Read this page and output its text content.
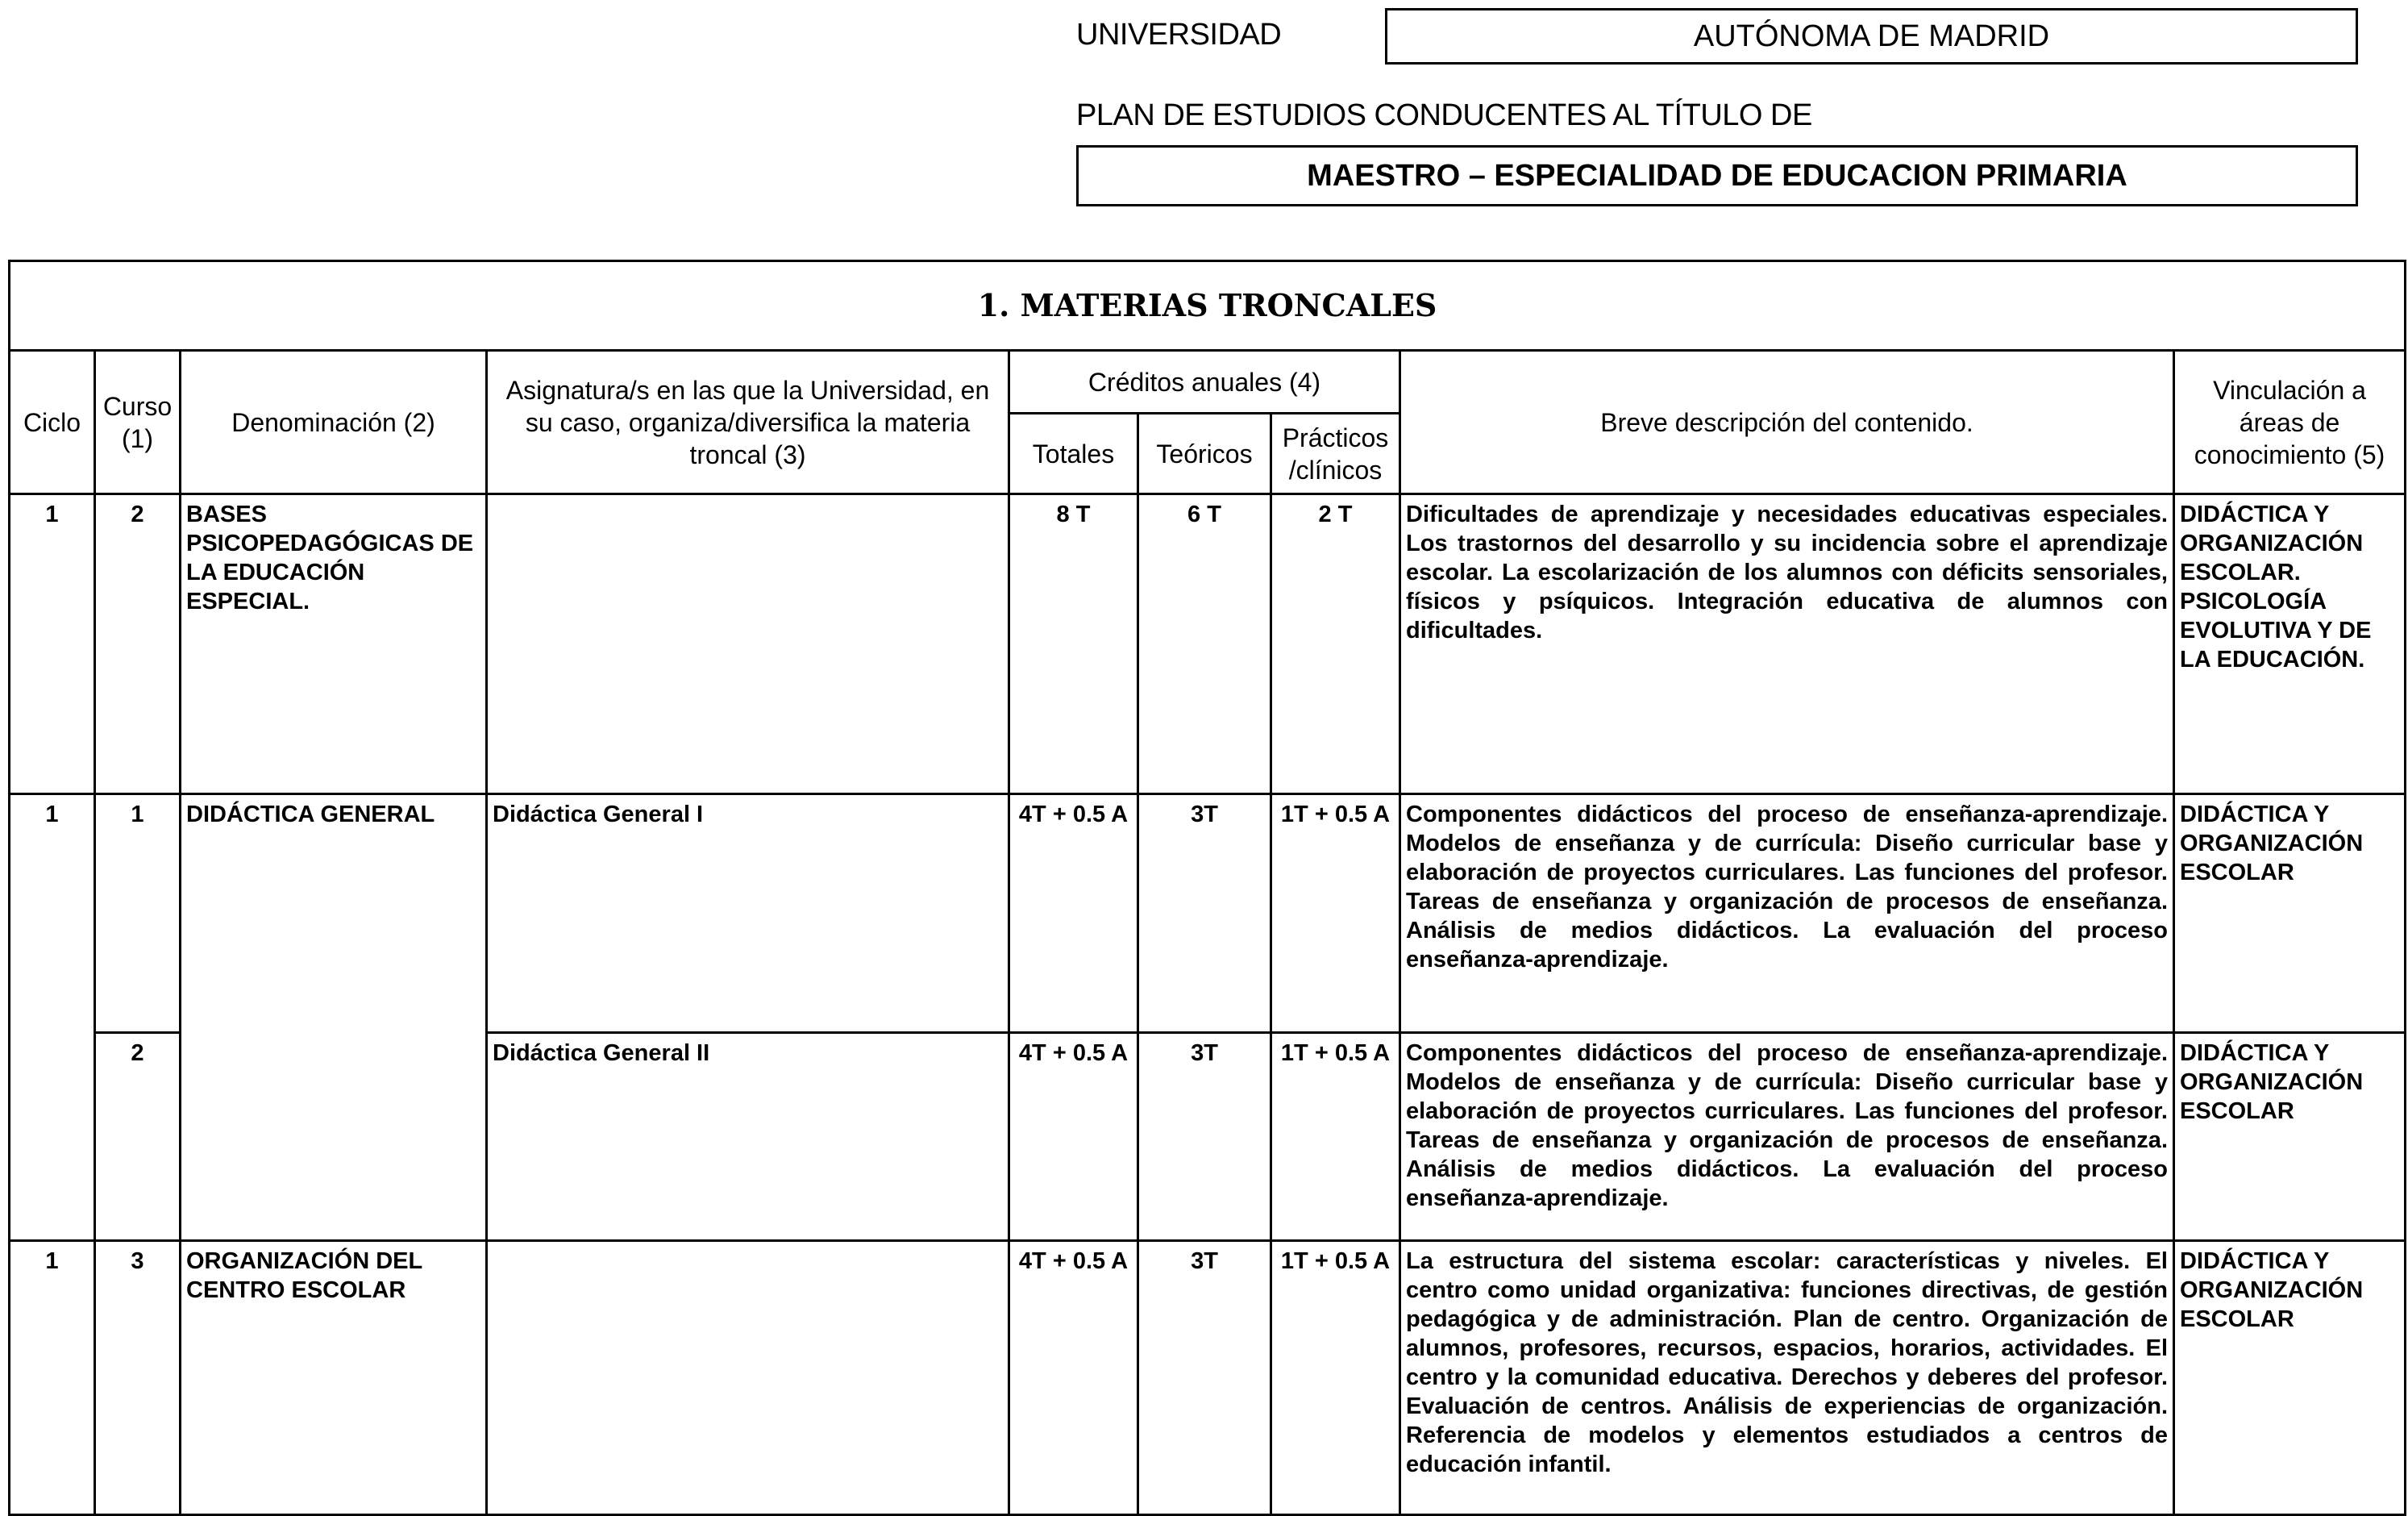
UNIVERSIDAD	AUTÓNOMA DE MADRID
PLAN DE ESTUDIOS CONDUCENTES AL TÍTULO DE
MAESTRO – ESPECIALIDAD DE EDUCACION PRIMARIA
1. MATERIAS TRONCALES								
Ciclo	Curso (1)	Denominación (2)	Asignatura/s en las que la Universidad, en su caso, organiza/diversifica la materia troncal (3)	Créditos anuales (4)			Breve descripción del contenido.	Vinculación a áreas de conocimiento (5)
				Totales	Teóricos	Prácticos /clínicos		
1	2	BASES PSICOPEDAGÓGICAS DE LA EDUCACIÓN ESPECIAL.		8 T	6 T	2 T	Dificultades de aprendizaje y necesidades educativas especiales. Los trastornos del desarrollo y su incidencia sobre el aprendizaje escolar. La escolarización de los alumnos con déficits sensoriales, físicos y psíquicos. Integración educativa de alumnos con dificultades.	DIDÁCTICA Y ORGANIZACIÓN ESCOLAR. PSICOLOGÍA EVOLUTIVA Y DE LA EDUCACIÓN.
1	1	DIDÁCTICA GENERAL	Didáctica General I	4T + 0.5 A	3T	1T + 0.5 A	Componentes didácticos del proceso de enseñanza-aprendizaje. Modelos de enseñanza y de currícula: Diseño curricular base y elaboración de proyectos curriculares. Las funciones del profesor. Tareas de enseñanza y organización de procesos de enseñanza. Análisis de medios didácticos. La evaluación del proceso enseñanza-aprendizaje.	DIDÁCTICA Y ORGANIZACIÓN ESCOLAR
	2		Didáctica General II	4T + 0.5 A	3T	1T + 0.5 A	Componentes didácticos del proceso de enseñanza-aprendizaje. Modelos de enseñanza y de currícula: Diseño curricular base y elaboración de proyectos curriculares. Las funciones del profesor. Tareas de enseñanza y organización de procesos de enseñanza. Análisis de medios didácticos. La evaluación del proceso enseñanza-aprendizaje.	DIDÁCTICA Y ORGANIZACIÓN ESCOLAR
1	3	ORGANIZACIÓN DEL CENTRO ESCOLAR		4T + 0.5 A	3T	1T + 0.5 A	La estructura del sistema escolar: características y niveles. El centro como unidad organizativa: funciones directivas, de gestión pedagógica y de administración. Plan de centro. Organización de alumnos, profesores, recursos, espacios, horarios, actividades. El centro y la comunidad educativa. Derechos y deberes del profesor. Evaluación de centros. Análisis de experiencias de organización. Referencia de modelos y elementos estudiados a centros de educación infantil.	DIDÁCTICA Y ORGANIZACIÓN ESCOLAR
